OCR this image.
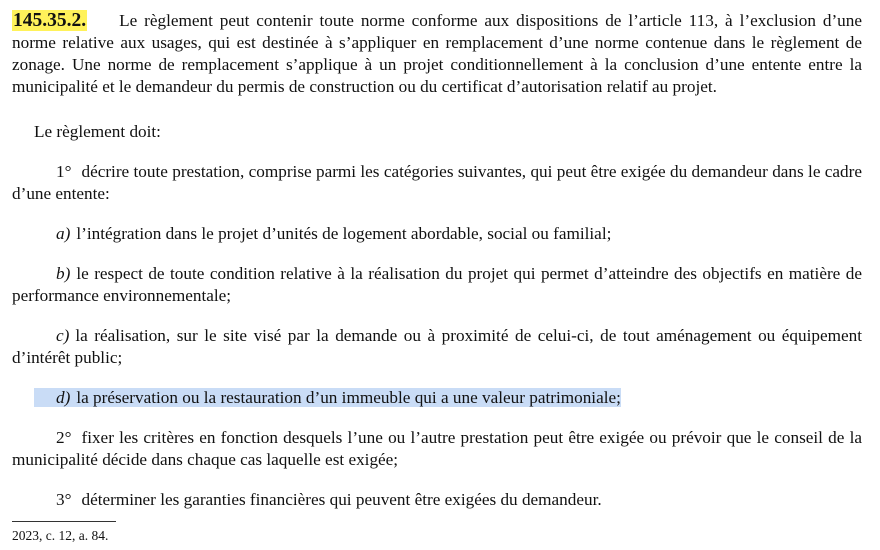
145.35.2. Le règlement peut contenir toute norme conforme aux dispositions de l’article 113, à l’exclusion d’une norme relative aux usages, qui est destinée à s’appliquer en remplacement d’une norme contenue dans le règlement de zonage. Une norme de remplacement s’applique à un projet conditionnellement à la conclusion d’une entente entre la municipalité et le demandeur du permis de construction ou du certificat d’autorisation relatif au projet.

Le règlement doit:

1° décrire toute prestation, comprise parmi les catégories suivantes, qui peut être exigée du demandeur dans le cadre d’une entente:

a) l’intégration dans le projet d’unités de logement abordable, social ou familial;

b) le respect de toute condition relative à la réalisation du projet qui permet d’atteindre des objectifs en matière de performance environnementale;

c) la réalisation, sur le site visé par la demande ou à proximité de celui-ci, de tout aménagement ou équipement d’intérêt public;

d) la préservation ou la restauration d’un immeuble qui a une valeur patrimoniale;

2° fixer les critères en fonction desquels l’une ou l’autre prestation peut être exigée ou prévoir que le conseil de la municipalité décide dans chaque cas laquelle est exigée;

3° déterminer les garanties financières qui peuvent être exigées du demandeur.

2023, c. 12, a. 84.
